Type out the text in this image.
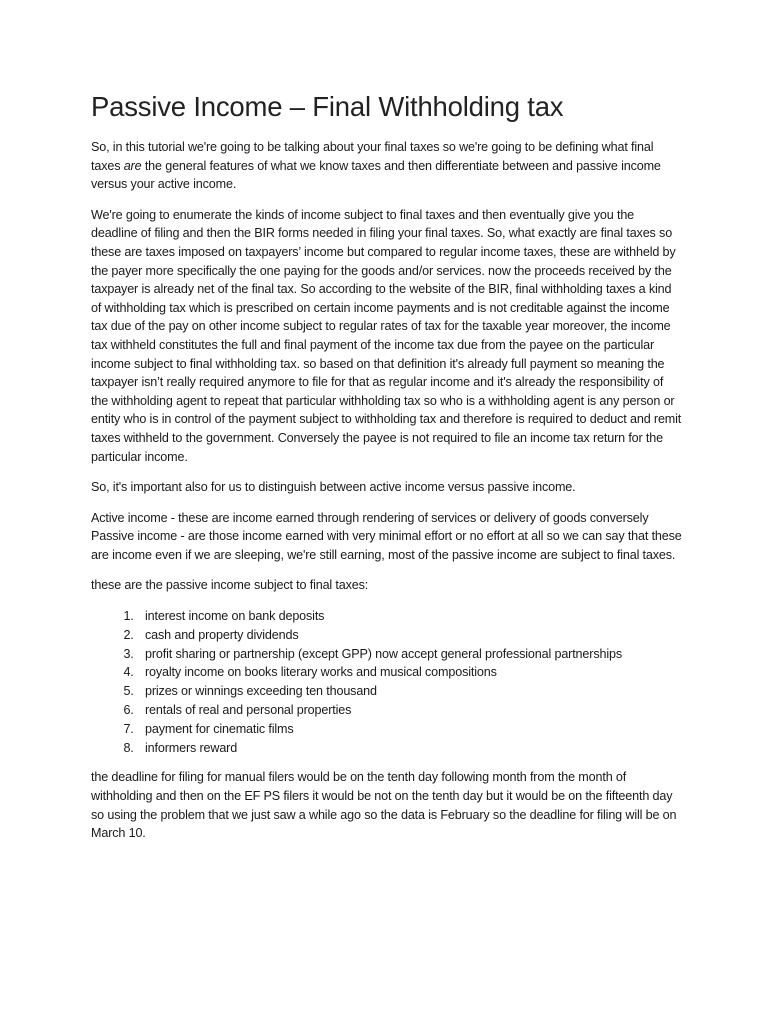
Passive Income – Final Withholding tax

So, in this tutorial we're going to be talking about your final taxes so we're going to be defining what final taxes are the general features of what we know taxes and then differentiate between and passive income versus your active income.

We're going to enumerate the kinds of income subject to final taxes and then eventually give you the deadline of filing and then the BIR forms needed in filing your final taxes. So, what exactly are final taxes so these are taxes imposed on taxpayers’ income but compared to regular income taxes, these are withheld by the payer more specifically the one paying for the goods and/or services. now the proceeds received by the taxpayer is already net of the final tax. So according to the website of the BIR, final withholding taxes a kind of withholding tax which is prescribed on certain income payments and is not creditable against the income tax due of the pay on other income subject to regular rates of tax for the taxable year moreover, the income tax withheld constitutes the full and final payment of the income tax due from the payee on the particular income subject to final withholding tax. so based on that definition it's already full payment so meaning the taxpayer isn’t really required anymore to file for that as regular income and it's already the responsibility of the withholding agent to repeat that particular withholding tax so who is a withholding agent is any person or entity who is in control of the payment subject to withholding tax and therefore is required to deduct and remit taxes withheld to the government. Conversely the payee is not required to file an income tax return for the particular income.

So, it's important also for us to distinguish between active income versus passive income.

Active income - these are income earned through rendering of services or delivery of goods conversely Passive income - are those income earned with very minimal effort or no effort at all so we can say that these are income even if we are sleeping, we're still earning, most of the passive income are subject to final taxes.

these are the passive income subject to final taxes:

1. interest income on bank deposits
2. cash and property dividends
3. profit sharing or partnership (except GPP) now accept general professional partnerships
4. royalty income on books literary works and musical compositions
5. prizes or winnings exceeding ten thousand
6. rentals of real and personal properties
7. payment for cinematic films
8. informers reward

the deadline for filing for manual filers would be on the tenth day following month from the month of withholding and then on the EF PS filers it would be not on the tenth day but it would be on the fifteenth day so using the problem that we just saw a while ago so the data is February so the deadline for filing will be on March 10.
